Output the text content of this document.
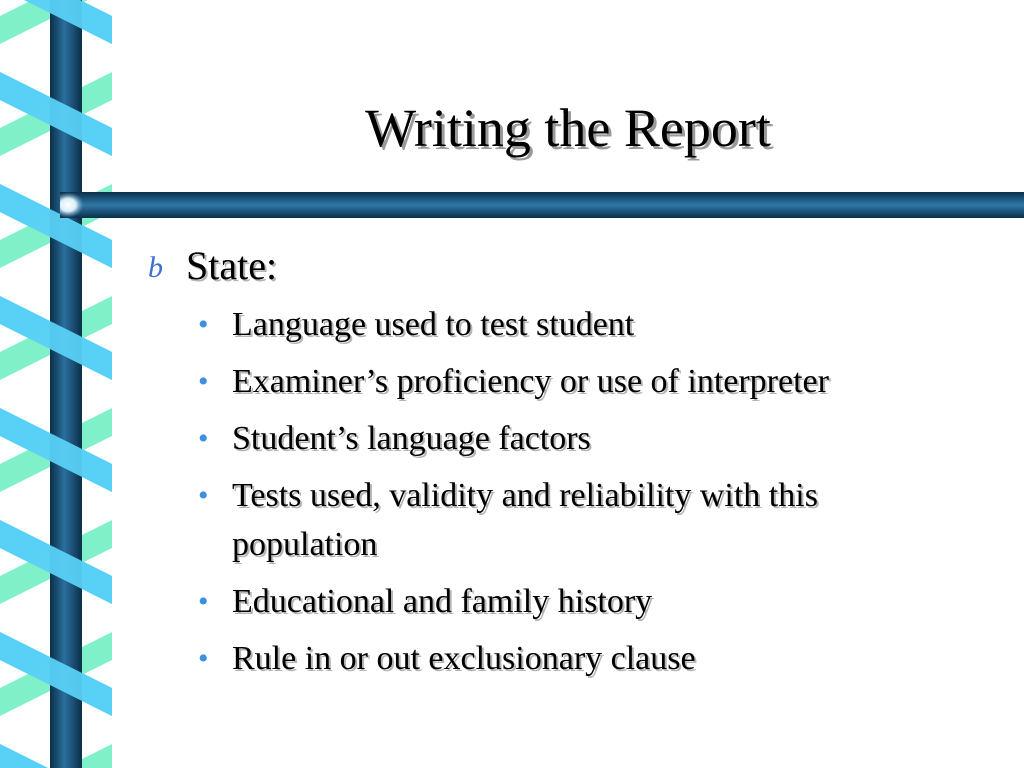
Writing the Report
b State:
• Language used to test student
• Examiner’s proficiency or use of interpreter
• Student’s language factors
• Tests used, validity and reliability with this population
• Educational and family history
• Rule in or out exclusionary clause
